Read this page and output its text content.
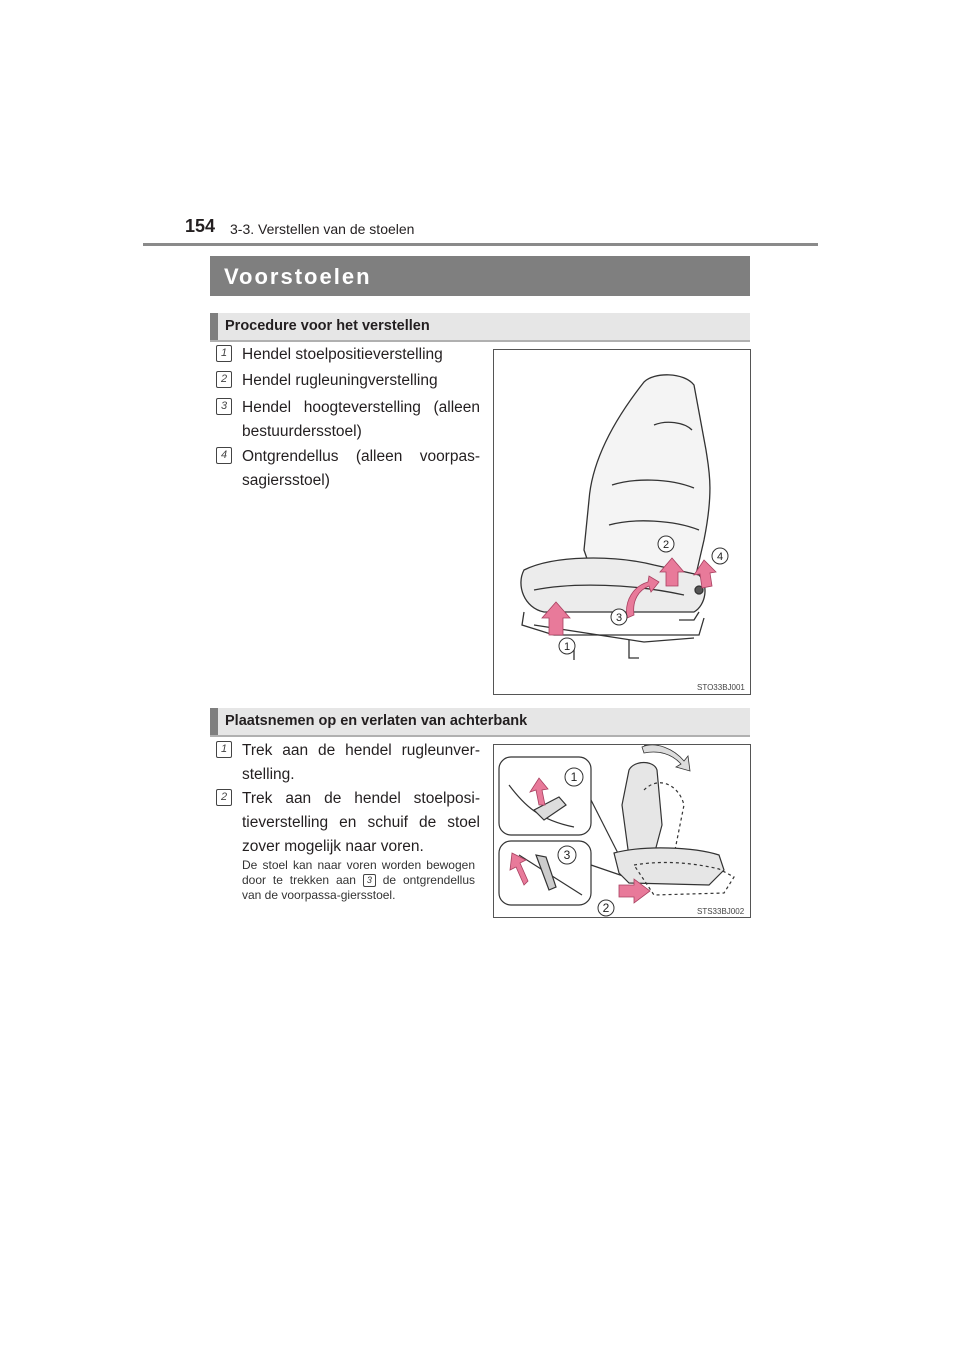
154 3-3. Verstellen van de stoelen
Voorstoelen
Procedure voor het verstellen
1 Hendel stoelpositieverstelling
2 Hendel rugleuningverstelling
3 Hendel hoogteverstelling (alleen bestuurdersstoel)
4 Ontgrendellus (alleen voorpas-sagiersstoel)
1
2
3
4
STO33BJ001
Plaatsnemen op en verlaten van achterbank
1 Trek aan de hendel rugleunver-stelling.
2 Trek aan de hendel stoelposi-tieverstelling en schuif de stoel zover mogelijk naar voren.
De stoel kan naar voren worden bewogen door te trekken aan 3 de ontgrendellus van de voorpassa-giersstoel.
1
2
3
STS33BJ002
